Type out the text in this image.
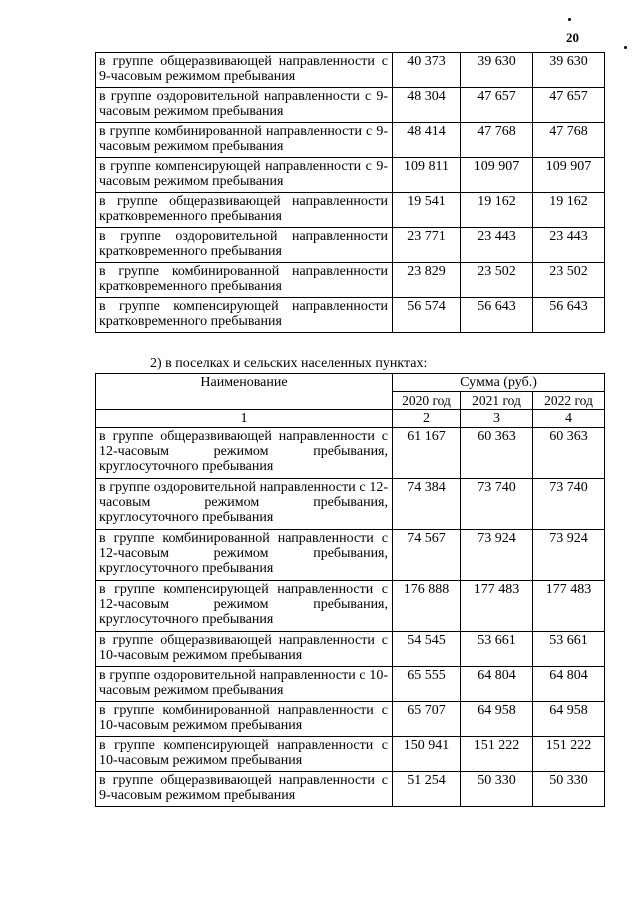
20
в группе общеразвивающей направленности с 9-часовым режимом пребывания	40 373	39 630	39 630
в группе оздоровительной направленности с 9-часовым режимом пребывания	48 304	47 657	47 657
в группе комбинированной направленности с 9-часовым режимом пребывания	48 414	47 768	47 768
в группе компенсирующей направленности с 9-часовым режимом пребывания	109 811	109 907	109 907
в группе общеразвивающей направленности кратковременного пребывания	19 541	19 162	19 162
в группе оздоровительной направленности кратковременного пребывания	23 771	23 443	23 443
в группе комбинированной направленности кратковременного пребывания	23 829	23 502	23 502
в группе компенсирующей направленности кратковременного пребывания	56 574	56 643	56 643
2) в поселках и сельских населенных пунктах:
Наименование	Сумма (руб.)		
	2020 год	2021 год	2022 год
1	2	3	4
в группе общеразвивающей направленности с 12-часовым режимом пребывания, круглосуточного пребывания	61 167	60 363	60 363
в группе оздоровительной направленности с 12-часовым режимом пребывания, круглосуточного пребывания	74 384	73 740	73 740
в группе комбинированной направленности с 12-часовым режимом пребывания, круглосуточного пребывания	74 567	73 924	73 924
в группе компенсирующей направленности с 12-часовым режимом пребывания, круглосуточного пребывания	176 888	177 483	177 483
в группе общеразвивающей направленности с 10-часовым режимом пребывания	54 545	53 661	53 661
в группе оздоровительной направленности с 10-часовым режимом пребывания	65 555	64 804	64 804
в группе комбинированной направленности с 10-часовым режимом пребывания	65 707	64 958	64 958
в группе компенсирующей направленности с 10-часовым режимом пребывания	150 941	151 222	151 222
в группе общеразвивающей направленности с 9-часовым режимом пребывания	51 254	50 330	50 330
